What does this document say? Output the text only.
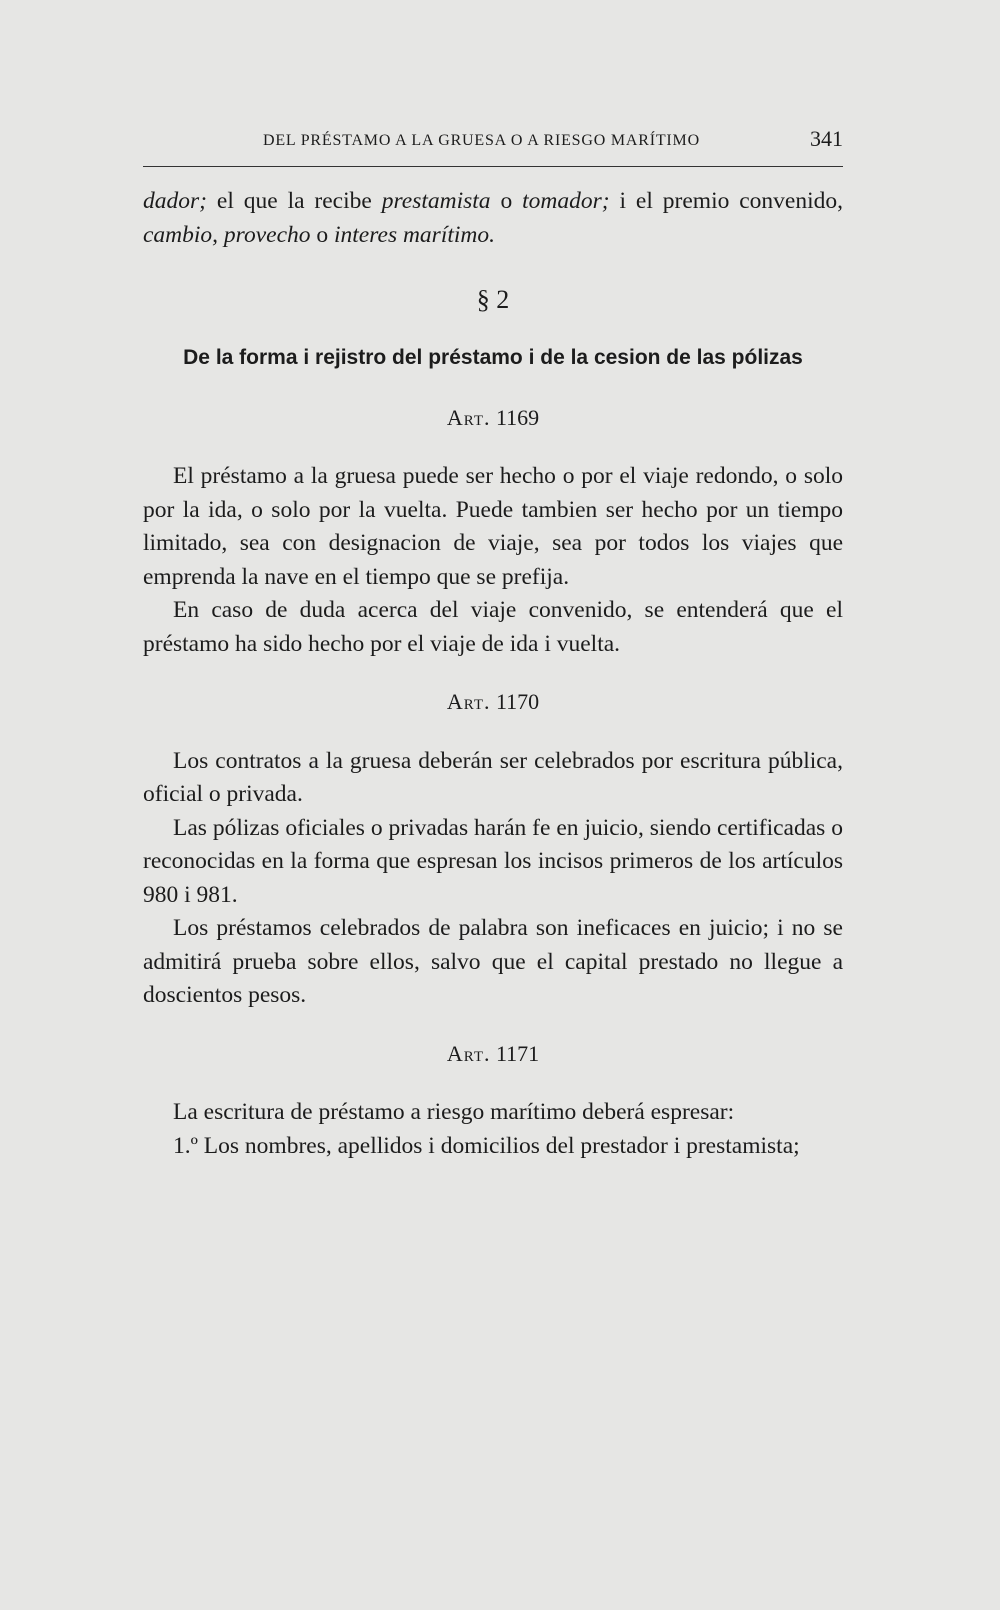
DEL PRÉSTAMO A LA GRUESA O A RIESGO MARÍTIMO	341

dador; el que la recibe prestamista o tomador; i el premio convenido, cambio, provecho o interes marítimo.

§ 2
De la forma i rejistro del préstamo i de la cesion de las pólizas
Art. 1169

El préstamo a la gruesa puede ser hecho o por el viaje redondo, o solo por la ida, o solo por la vuelta. Puede tambien ser hecho por un tiempo limitado, sea con designacion de viaje, sea por todos los viajes que emprenda la nave en el tiempo que se prefija.

En caso de duda acerca del viaje convenido, se entenderá que el préstamo ha sido hecho por el viaje de ida i vuelta.

Art. 1170

Los contratos a la gruesa deberán ser celebrados por escritura pública, oficial o privada.

Las pólizas oficiales o privadas harán fe en juicio, siendo certificadas o reconocidas en la forma que espresan los incisos primeros de los artículos 980 i 981.

Los préstamos celebrados de palabra son ineficaces en juicio; i no se admitirá prueba sobre ellos, salvo que el capital prestado no llegue a doscientos pesos.

Art. 1171

La escritura de préstamo a riesgo marítimo deberá espresar:

1.º Los nombres, apellidos i domicilios del prestador i prestamista;
